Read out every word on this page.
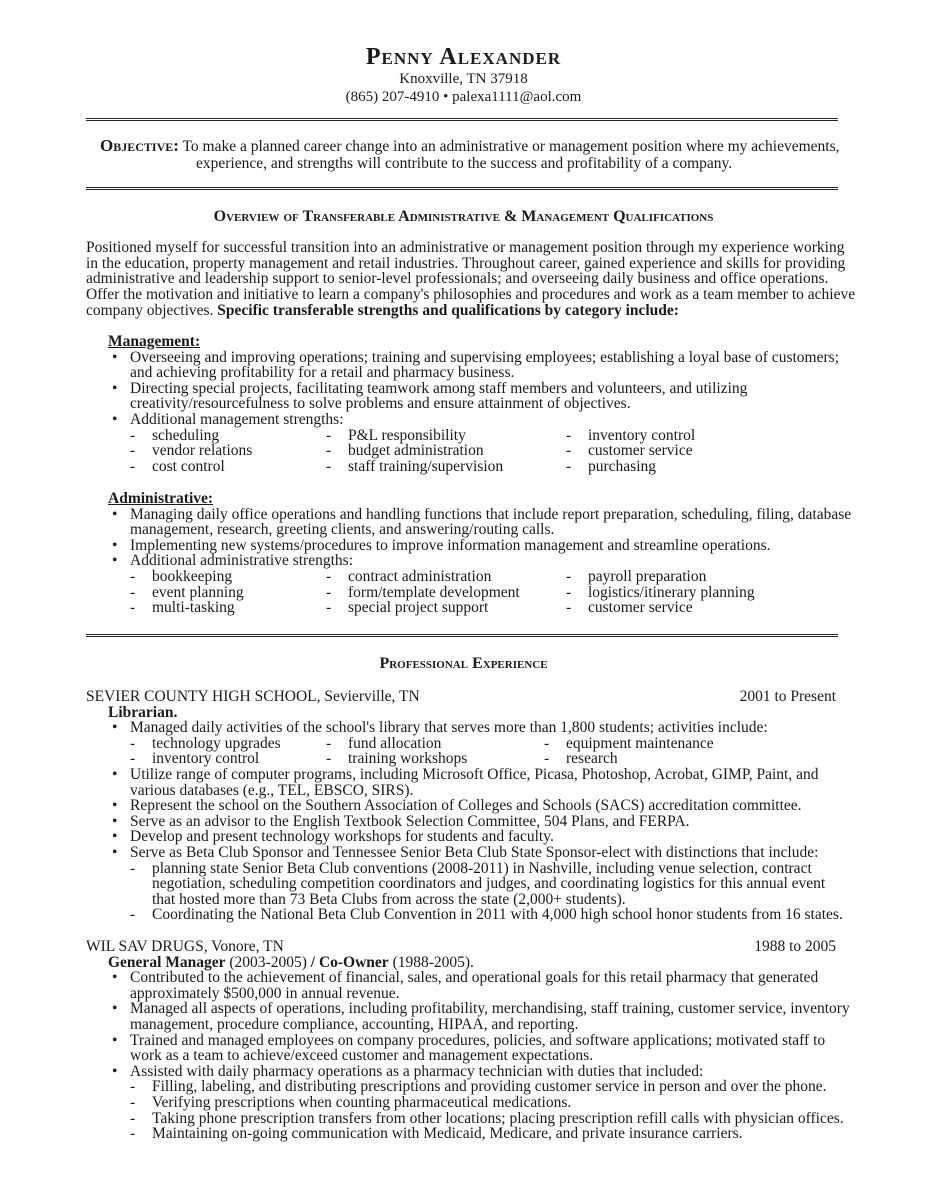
Penny Alexander
Knoxville, TN 37918
(865) 207-4910 • palexa1111@aol.com
Objective: To make a planned career change into an administrative or management position where my achievements,
experience, and strengths will contribute to the success and profitability of a company.
Overview of Transferable Administrative & Management Qualifications
Positioned myself for successful transition into an administrative or management position through my experience working
in the education, property management and retail industries. Throughout career, gained experience and skills for providing
administrative and leadership support to senior-level professionals; and overseeing daily business and office operations.
Offer the motivation and initiative to learn a company's philosophies and procedures and work as a team member to achieve
company objectives. Specific transferable strengths and qualifications by category include:
Management:
• Overseeing and improving operations; training and supervising employees; establishing a loyal base of customers;
and achieving profitability for a retail and pharmacy business.
• Directing special projects, facilitating teamwork among staff members and volunteers, and utilizing
creativity/resourcefulness to solve problems and ensure attainment of objectives.
• Additional management strengths:
- scheduling	- P&L responsibility	- inventory control
- vendor relations	- budget administration	- customer service
- cost control	- staff training/supervision	- purchasing
Administrative:
• Managing daily office operations and handling functions that include report preparation, scheduling, filing, database
management, research, greeting clients, and answering/routing calls.
• Implementing new systems/procedures to improve information management and streamline operations.
• Additional administrative strengths:
- bookkeeping	- contract administration	- payroll preparation
- event planning	- form/template development	- logistics/itinerary planning
- multi-tasking	- special project support	- customer service
Professional Experience
SEVIER COUNTY HIGH SCHOOL, Sevierville, TN	2001 to Present
Librarian.
• Managed daily activities of the school's library that serves more than 1,800 students; activities include:
- technology upgrades	- fund allocation	- equipment maintenance
- inventory control	- training workshops	- research
• Utilize range of computer programs, including Microsoft Office, Picasa, Photoshop, Acrobat, GIMP, Paint, and
various databases (e.g., TEL, EBSCO, SIRS).
• Represent the school on the Southern Association of Colleges and Schools (SACS) accreditation committee.
• Serve as an advisor to the English Textbook Selection Committee, 504 Plans, and FERPA.
• Develop and present technology workshops for students and faculty.
• Serve as Beta Club Sponsor and Tennessee Senior Beta Club State Sponsor-elect with distinctions that include:
- planning state Senior Beta Club conventions (2008-2011) in Nashville, including venue selection, contract
negotiation, scheduling competition coordinators and judges, and coordinating logistics for this annual event
that hosted more than 73 Beta Clubs from across the state (2,000+ students).
- Coordinating the National Beta Club Convention in 2011 with 4,000 high school honor students from 16 states.
WIL SAV DRUGS, Vonore, TN	1988 to 2005
General Manager (2003-2005) / Co-Owner (1988-2005).
• Contributed to the achievement of financial, sales, and operational goals for this retail pharmacy that generated
approximately $500,000 in annual revenue.
• Managed all aspects of operations, including profitability, merchandising, staff training, customer service, inventory
management, procedure compliance, accounting, HIPAA, and reporting.
• Trained and managed employees on company procedures, policies, and software applications; motivated staff to
work as a team to achieve/exceed customer and management expectations.
• Assisted with daily pharmacy operations as a pharmacy technician with duties that included:
- Filling, labeling, and distributing prescriptions and providing customer service in person and over the phone.
- Verifying prescriptions when counting pharmaceutical medications.
- Taking phone prescription transfers from other locations; placing prescription refill calls with physician offices.
- Maintaining on-going communication with Medicaid, Medicare, and private insurance carriers.
